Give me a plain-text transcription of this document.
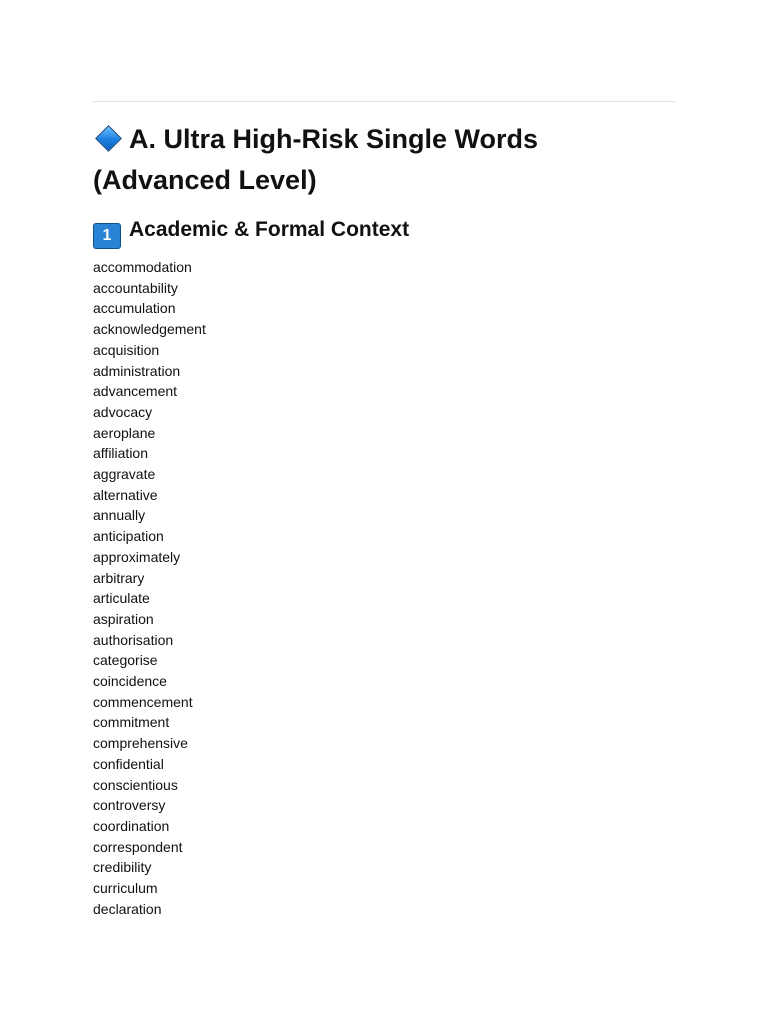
A. Ultra High-Risk Single Words (Advanced Level)
1 Academic & Formal Context
accommodation
accountability
accumulation
acknowledgement
acquisition
administration
advancement
advocacy
aeroplane
affiliation
aggravate
alternative
annually
anticipation
approximately
arbitrary
articulate
aspiration
authorisation
categorise
coincidence
commencement
commitment
comprehensive
confidential
conscientious
controversy
coordination
correspondent
credibility
curriculum
declaration
